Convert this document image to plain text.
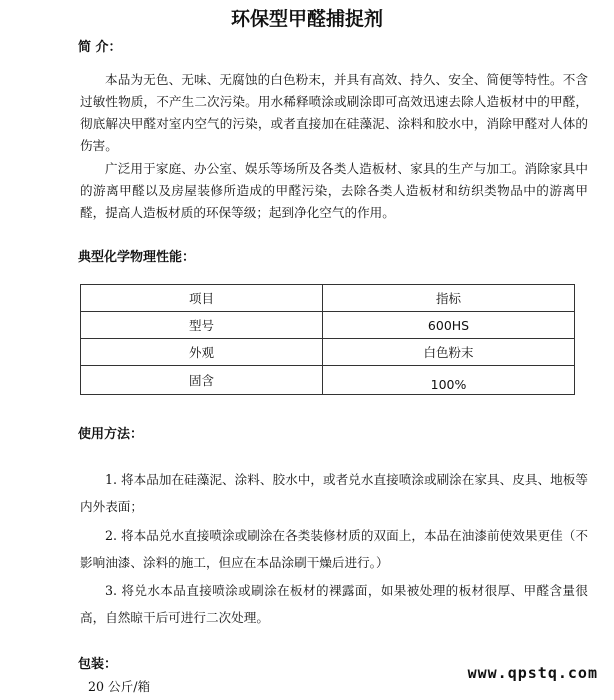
环保型甲醛捕捉剂
简 介：

本品为无色、无味、无腐蚀的白色粉末，并具有高效、持久、安全、简便等特性。不含过敏性物质，不产生二次污染。用水稀释喷涂或刷涂即可高效迅速去除人造板材中的甲醛，彻底解决甲醛对室内空气的污染，或者直接加在硅藻泥、涂料和胶水中，消除甲醛对人体的伤害。

广泛用于家庭、办公室、娱乐等场所及各类人造板材、家具的生产与加工。消除家具中的游离甲醛以及房屋装修所造成的甲醛污染，去除各类人造板材和纺织类物品中的游离甲醛，提高人造板材质的环保等级；起到净化空气的作用。

典型化学物理性能：
项目	指标
型号	600HS
外观	白色粉末
固含	100%
使用方法：

1. 将本品加在硅藻泥、涂料、胶水中，或者兑水直接喷涂或刷涂在家具、皮具、地板等内外表面；

2. 将本品兑水直接喷涂或刷涂在各类装修材质的双面上，本品在油漆前使效果更佳（不影响油漆、涂料的施工，但应在本品涂刷干燥后进行。）

3. 将兑水本品直接喷涂或刷涂在板材的裸露面，如果被处理的板材很厚、甲醛含量很高，自然晾干后可进行二次处理。

包装：
20 公斤/箱
www.qpstq.com
